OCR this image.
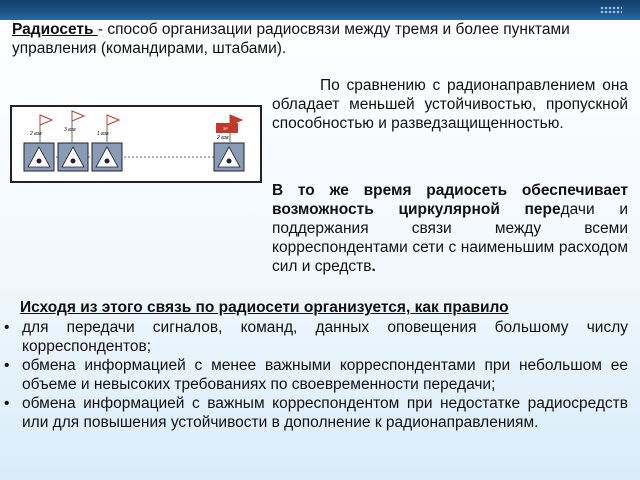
Радиосеть - способ организации радиосвязи между тремя и более пунктами управления (командирами, штабами).
2 взв
3 взв
1 взв
2 взв
ЗР
По сравнению с радионаправлением она обладает меньшей устойчивостью, пропускной способностью и разведзащищенностью.
В то же время радиосеть обеспечивает возможность циркулярной передачи и поддержания связи между всеми корреспондентами сети с наименьшим расходом сил и средств.
Исходя из этого связь по радиосети организуется, как правило
• для передачи сигналов, команд, данных оповещения большому числу корреспондентов;
• обмена информацией с менее важными корреспондентами при небольшом ее объеме и невысоких требованиях по своевременности передачи;
• обмена информацией с важным корреспондентом при недостатке радиосредств или для повышения устойчивости в дополнение к радионаправлениям.
